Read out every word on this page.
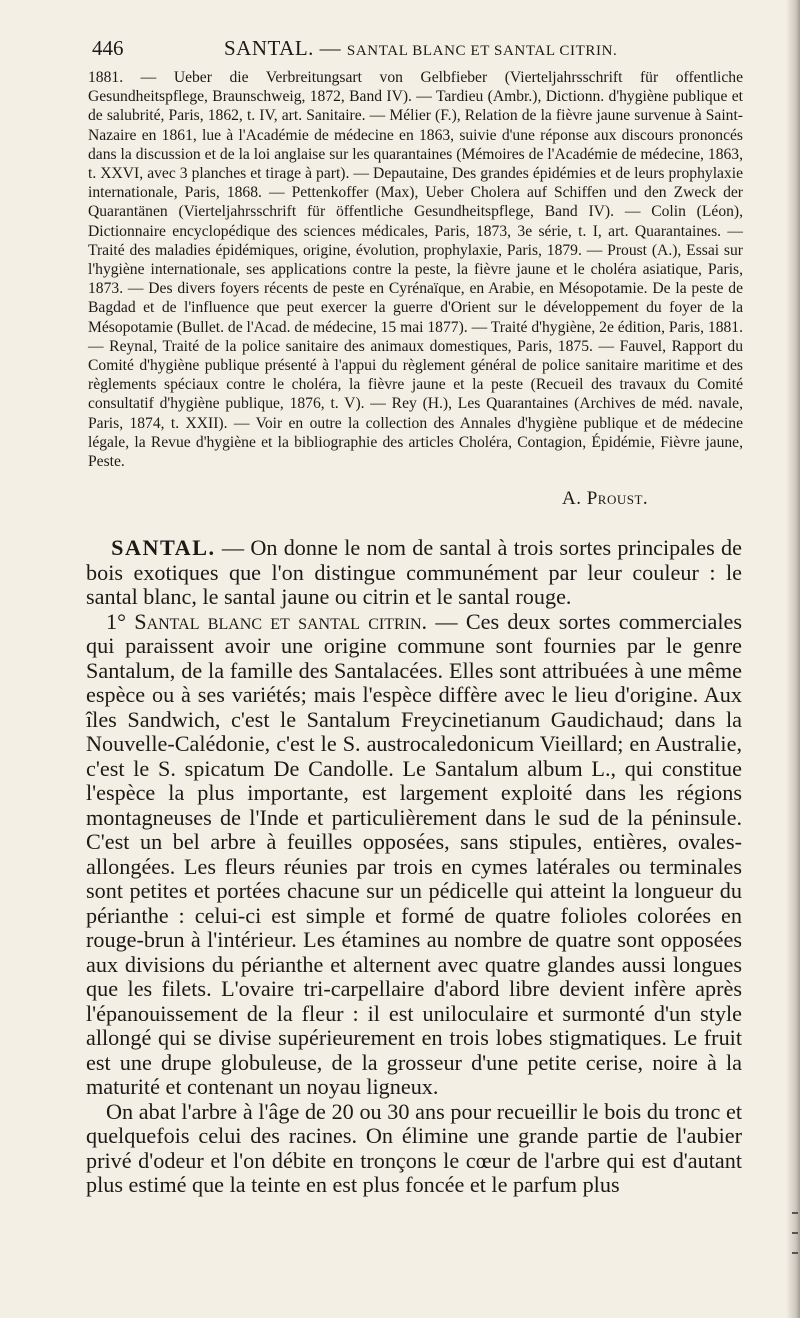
446	SANTAL. — SANTAL BLANC ET SANTAL CITRIN.

1881. — Ueber die Verbreitungsart von Gelbfieber (Vierteljahrsschrift für offentliche Gesundheitspflege, Braunschweig, 1872, Band IV). — Tardieu (Ambr.), Dictionn. d'hygiène publique et de salubrité, Paris, 1862, t. IV, art. Sanitaire. — Mélier (F.), Relation de la fièvre jaune survenue à Saint-Nazaire en 1861, lue à l'Académie de médecine en 1863, suivie d'une réponse aux discours prononcés dans la discussion et de la loi anglaise sur les quarantaines (Mémoires de l'Académie de médecine, 1863, t. XXVI, avec 3 planches et tirage à part). — Depautaine, Des grandes épidémies et de leurs prophylaxie internationale, Paris, 1868. — Pettenkoffer (Max), Ueber Cholera auf Schiffen und den Zweck der Quarantänen (Vierteljahrsschrift für öffentliche Gesundheitspflege, Band IV). — Colin (Léon), Dictionnaire encyclopédique des sciences médicales, Paris, 1873, 3e série, t. I, art. Quarantaines. — Traité des maladies épidémiques, origine, évolution, prophylaxie, Paris, 1879. — Proust (A.), Essai sur l'hygiène internationale, ses applications contre la peste, la fièvre jaune et le choléra asiatique, Paris, 1873. — Des divers foyers récents de peste en Cyrénaïque, en Arabie, en Mésopotamie. De la peste de Bagdad et de l'influence que peut exercer la guerre d'Orient sur le développement du foyer de la Mésopotamie (Bullet. de l'Acad. de médecine, 15 mai 1877). — Traité d'hygiène, 2e édition, Paris, 1881. — Reynal, Traité de la police sanitaire des animaux domestiques, Paris, 1875. — Fauvel, Rapport du Comité d'hygiène publique présenté à l'appui du règlement général de police sanitaire maritime et des règlements spéciaux contre le choléra, la fièvre jaune et la peste (Recueil des travaux du Comité consultatif d'hygiène publique, 1876, t. V). — Rey (H.), Les Quarantaines (Archives de méd. navale, Paris, 1874, t. XXII). — Voir en outre la collection des Annales d'hygiène publique et de médecine légale, la Revue d'hygiène et la bibliographie des articles Choléra, Contagion, Épidémie, Fièvre jaune, Peste.

A. Proust.

SANTAL. — On donne le nom de santal à trois sortes principales de bois exotiques que l'on distingue communément par leur couleur : le santal blanc, le santal jaune ou citrin et le santal rouge.

1° Santal blanc et santal citrin. — Ces deux sortes commerciales qui paraissent avoir une origine commune sont fournies par le genre Santalum, de la famille des Santalacées. Elles sont attribuées à une même espèce ou à ses variétés; mais l'espèce diffère avec le lieu d'origine. Aux îles Sandwich, c'est le Santalum Freycinetianum Gaudichaud; dans la Nouvelle-Calédonie, c'est le S. austrocaledonicum Vieillard; en Australie, c'est le S. spicatum De Candolle. Le Santalum album L., qui constitue l'espèce la plus importante, est largement exploité dans les régions montagneuses de l'Inde et particulièrement dans le sud de la péninsule. C'est un bel arbre à feuilles opposées, sans stipules, entières, ovales-allongées. Les fleurs réunies par trois en cymes latérales ou terminales sont petites et portées chacune sur un pédicelle qui atteint la longueur du périanthe : celui-ci est simple et formé de quatre folioles colorées en rouge-brun à l'intérieur. Les étamines au nombre de quatre sont opposées aux divisions du périanthe et alternent avec quatre glandes aussi longues que les filets. L'ovaire tri-carpellaire d'abord libre devient infère après l'épanouissement de la fleur : il est uniloculaire et surmonté d'un style allongé qui se divise supérieurement en trois lobes stigmatiques. Le fruit est une drupe globuleuse, de la grosseur d'une petite cerise, noire à la maturité et contenant un noyau ligneux.

On abat l'arbre à l'âge de 20 ou 30 ans pour recueillir le bois du tronc et quelquefois celui des racines. On élimine une grande partie de l'aubier privé d'odeur et l'on débite en tronçons le cœur de l'arbre qui est d'autant plus estimé que la teinte en est plus foncée et le parfum plus
